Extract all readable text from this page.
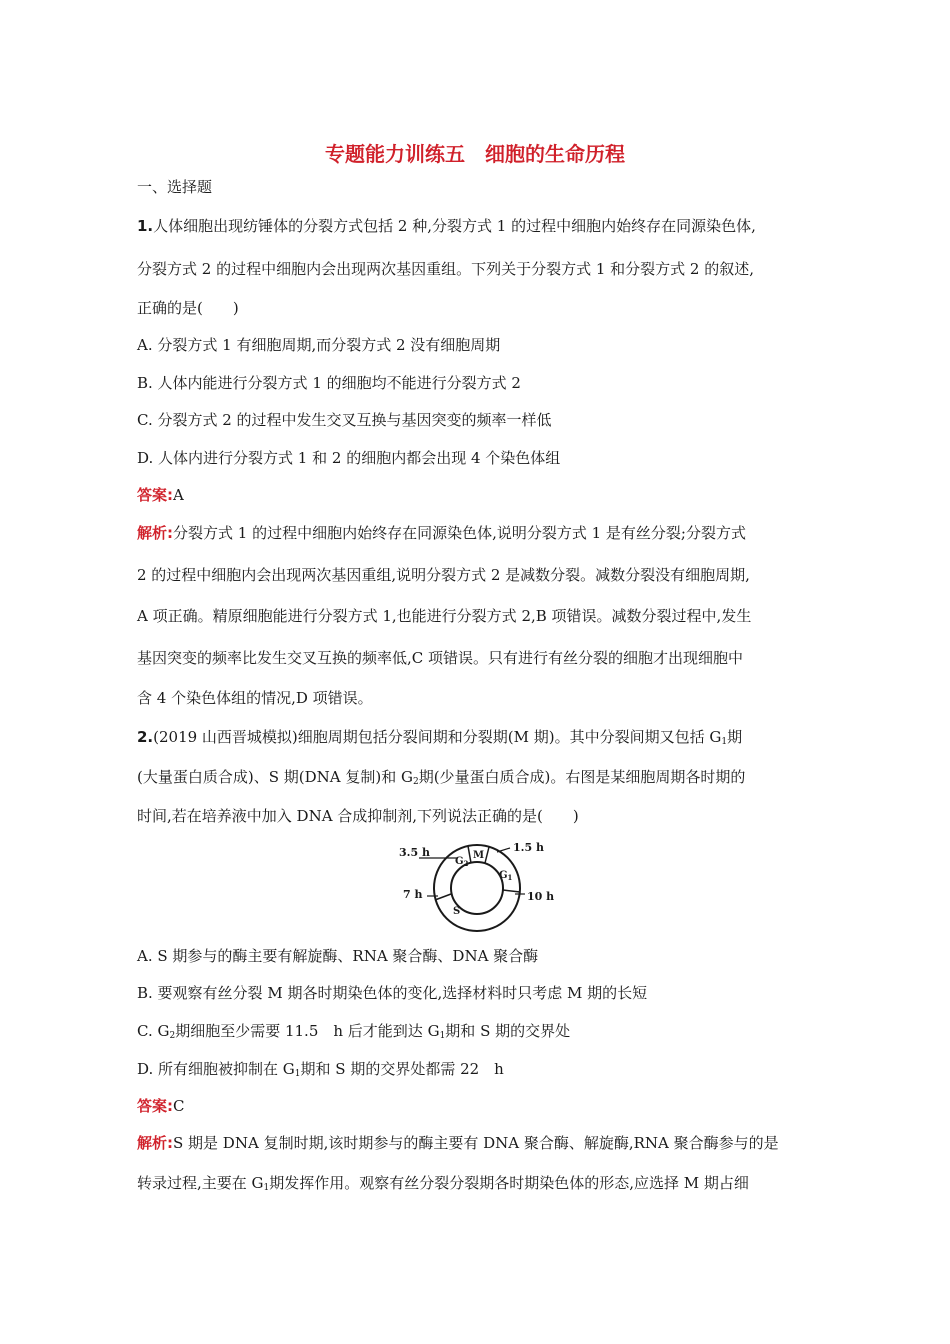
专题能力训练五　细胞的生命历程
一、选择题
1.人体细胞出现纺锤体的分裂方式包括 2 种,分裂方式 1 的过程中细胞内始终存在同源染色体,
分裂方式 2 的过程中细胞内会出现两次基因重组。下列关于分裂方式 1 和分裂方式 2 的叙述,
正确的是(　　)
A. 分裂方式 1 有细胞周期,而分裂方式 2 没有细胞周期
B. 人体内能进行分裂方式 1 的细胞均不能进行分裂方式 2
C. 分裂方式 2 的过程中发生交叉互换与基因突变的频率一样低
D. 人体内进行分裂方式 1 和 2 的细胞内都会出现 4 个染色体组
答案:A
解析:分裂方式 1 的过程中细胞内始终存在同源染色体,说明分裂方式 1 是有丝分裂;分裂方式
2 的过程中细胞内会出现两次基因重组,说明分裂方式 2 是减数分裂。减数分裂没有细胞周期,
A 项正确。精原细胞能进行分裂方式 1,也能进行分裂方式 2,B 项错误。减数分裂过程中,发生
基因突变的频率比发生交叉互换的频率低,C 项错误。只有进行有丝分裂的细胞才出现细胞中
含 4 个染色体组的情况,D 项错误。
2.(2019 山西晋城模拟)细胞周期包括分裂间期和分裂期(M 期)。其中分裂间期又包括 $G_1$期
(大量蛋白质合成)、S 期(DNA 复制)和 $G_2$期(少量蛋白质合成)。右图是某细胞周期各时期的
时间,若在培养液中加入 DNA 合成抑制剂,下列说法正确的是(　　)
3.5 h	1.5 h
7 h	10 h
$G_2$
M
$G_1$
S
A. S 期参与的酶主要有解旋酶、RNA 聚合酶、DNA 聚合酶
B. 要观察有丝分裂 M 期各时期染色体的变化,选择材料时只考虑 M 期的长短
C. $G_2$期细胞至少需要 11.5　h 后才能到达 $G_1$期和 S 期的交界处
D. 所有细胞被抑制在 $G_1$期和 S 期的交界处都需 22　h
答案:C
解析:S 期是 DNA 复制时期,该时期参与的酶主要有 DNA 聚合酶、解旋酶,RNA 聚合酶参与的是
转录过程,主要在 $G_1$期发挥作用。观察有丝分裂分裂期各时期染色体的形态,应选择 M 期占细
